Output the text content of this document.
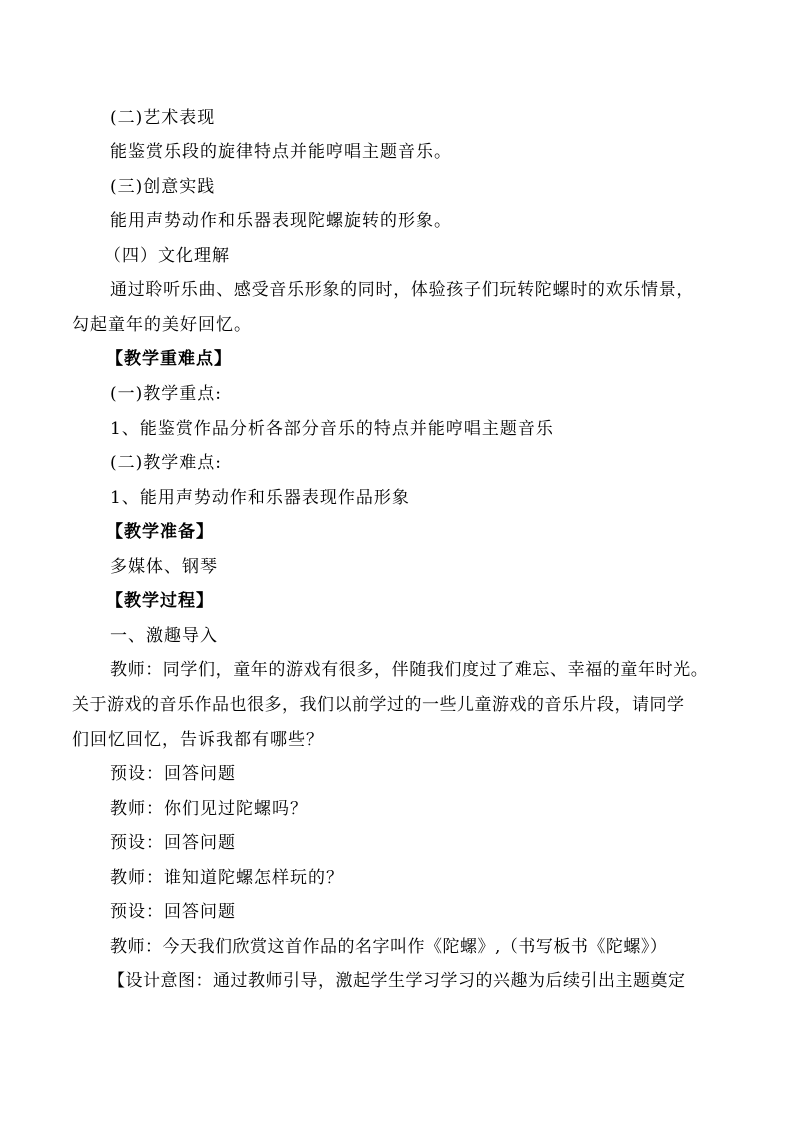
(二)艺术表现
能鉴赏乐段的旋律特点并能哼唱主题音乐。
(三)创意实践
能用声势动作和乐器表现陀螺旋转的形象。
（四）文化理解
通过聆听乐曲、感受音乐形象的同时，体验孩子们玩转陀螺时的欢乐情景，
勾起童年的美好回忆。
【教学重难点】
(一)教学重点:
1、能鉴赏作品分析各部分音乐的特点并能哼唱主题音乐
(二)教学难点:
1、能用声势动作和乐器表现作品形象
【教学准备】
多媒体、钢琴
【教学过程】
一、激趣导入
教师：同学们，童年的游戏有很多，伴随我们度过了难忘、幸福的童年时光。
关于游戏的音乐作品也很多，我们以前学过的一些儿童游戏的音乐片段，请同学
们回忆回忆，告诉我都有哪些？
预设：回答问题
教师：你们见过陀螺吗？
预设：回答问题
教师：谁知道陀螺怎样玩的？
预设：回答问题
教师：今天我们欣赏这首作品的名字叫作《陀螺》,（书写板书《陀螺》）
【设计意图：通过教师引导，激起学生学习学习的兴趣为后续引出主题奠定
